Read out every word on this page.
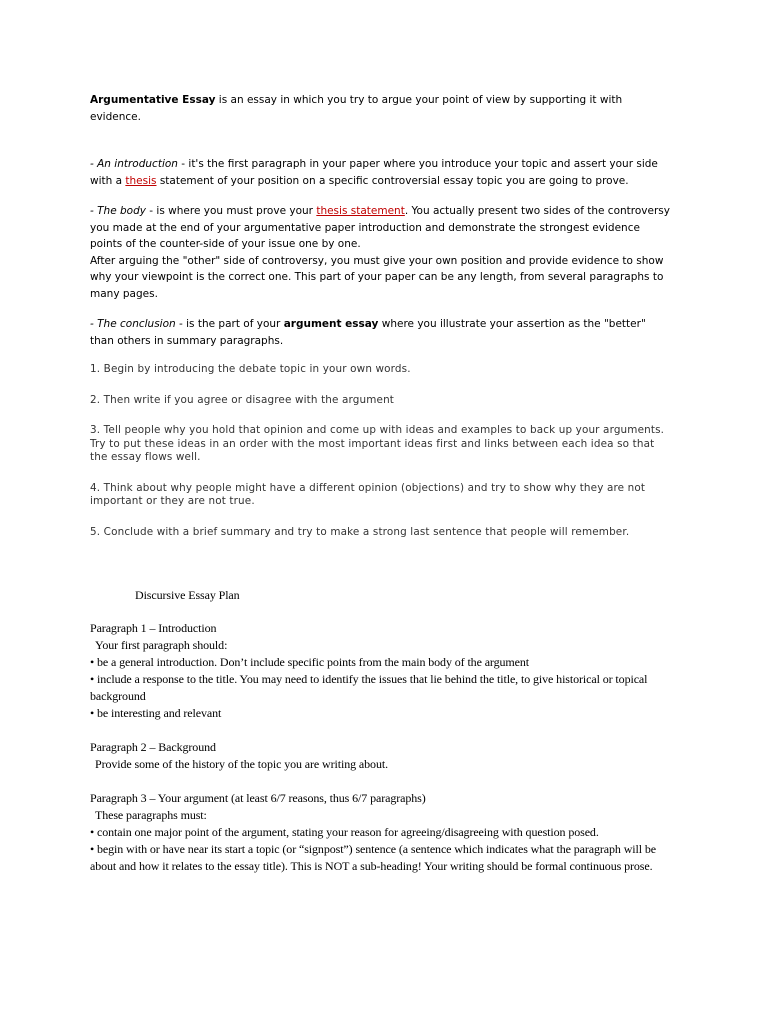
Argumentative Essay is an essay in which you try to argue your point of view by supporting it with evidence.

- An introduction - it's the first paragraph in your paper where you introduce your topic and assert your side with a thesis statement of your position on a specific controversial essay topic you are going to prove.

- The body - is where you must prove your thesis statement. You actually present two sides of the controversy you made at the end of your argumentative paper introduction and demonstrate the strongest evidence points of the counter-side of your issue one by one.

After arguing the "other" side of controversy, you must give your own position and provide evidence to show why your viewpoint is the correct one. This part of your paper can be any length, from several paragraphs to many pages.

- The conclusion - is the part of your argument essay where you illustrate your assertion as the "better" than others in summary paragraphs.

1. Begin by introducing the debate topic in your own words.

2. Then write if you agree or disagree with the argument

3. Tell people why you hold that opinion and come up with ideas and examples to back up your arguments. Try to put these ideas in an order with the most important ideas first and links between each idea so that the essay flows well.

4. Think about why people might have a different opinion (objections) and try to show why they are not important or they are not true.

5. Conclude with a brief summary and try to make a strong last sentence that people will remember.

Discursive Essay Plan

Paragraph 1 – Introduction

Your first paragraph should:

• be a general introduction. Don’t include specific points from the main body of the argument

• include a response to the title. You may need to identify the issues that lie behind the title, to give historical or topical background

• be interesting and relevant

Paragraph 2 – Background

Provide some of the history of the topic you are writing about.

Paragraph 3 – Your argument (at least 6/7 reasons, thus 6/7 paragraphs)

These paragraphs must:

• contain one major point of the argument, stating your reason for agreeing/disagreeing with question posed.

• begin with or have near its start a topic (or “signpost”) sentence (a sentence which indicates what the paragraph will be about and how it relates to the essay title). This is NOT a sub-heading! Your writing should be formal continuous prose.
